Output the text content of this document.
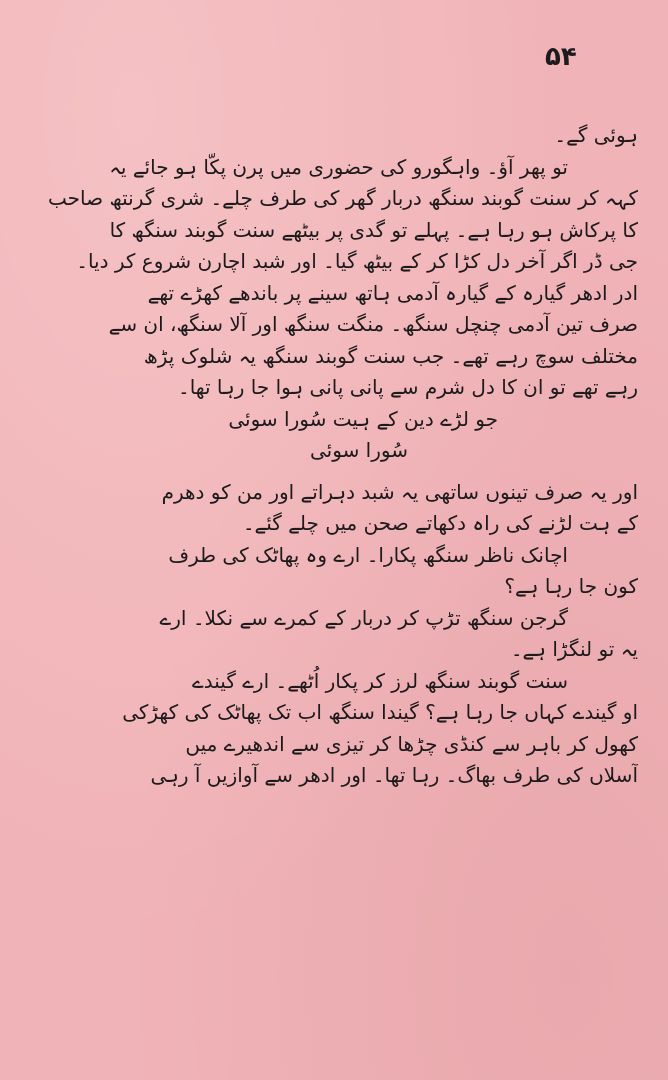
۵۴
ہوئی گے۔
تو پھر آؤ۔ واہگورو کی حضوری میں پرن پکّا ہو جائے یہ
کہہ کر سنت گوبند سنگھ دربار گھر کی طرف چلے۔ شری گرنتھ صاحب
کا پرکاش ہو رہا ہے۔ پہلے تو گدی پر بیٹھے سنت گوبند سنگھ کا
جی ڈر اگر آخر دل کڑا کر کے بیٹھ گیا۔ اور شبد اچارن شروع کر دیا۔
ادر ادھر گیارہ کے گیارہ آدمی ہاتھ سینے پر باندھے کھڑے تھے
صرف تین آدمی چنچل سنگھ۔ منگت سنگھ اور آلا سنگھ، ان سے
مختلف سوچ رہے تھے۔ جب سنت گوبند سنگھ یہ شلوک پڑھ
رہے تھے تو ان کا دل شرم سے پانی پانی ہوا جا رہا تھا۔
جو لڑے دین کے ہیت سُورا سوئی
سُورا سوئی
اور یہ صرف تینوں ساتھی یہ شبد دہراتے اور من کو دھرم
کے ہت لڑنے کی راہ دکھاتے صحن میں چلے گئے۔
اچانک ناظر سنگھ پکارا۔ ارے وہ پھاٹک کی طرف
کون جا رہا ہے؟
گرجن سنگھ تڑپ کر دربار کے کمرے سے نکلا۔ ارے
یہ تو لنگڑا ہے۔
سنت گوبند سنگھ لرز کر پکار اُٹھے۔ ارے گیندے
او گیندے کہاں جا رہا ہے؟ گیندا سنگھ اب تک پھاٹک کی کھڑکی
کھول کر باہر سے کنڈی چڑھا کر تیزی سے اندھیرے میں
آسلاں کی طرف بھاگ۔ رہا تھا۔ اور ادھر سے آوازیں آ رہی
